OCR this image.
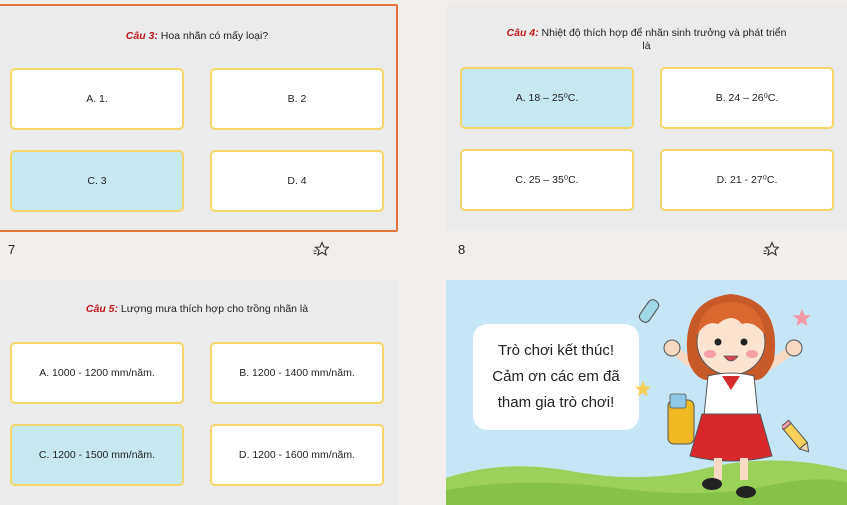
Câu 3: Hoa nhãn có mấy loại?
A. 1.	B. 2
C. 3	D. 4
7
Câu 4: Nhiệt độ thích hợp để nhãn sinh trưởng và phát triển
là
A. 18 – 25⁰C.	B. 24 – 26⁰C.
C. 25 – 35⁰C.	D. 21 - 27⁰C.
8
Câu 5: Lượng mưa thích hợp cho trồng nhãn là
A. 1000 - 1200 mm/năm.	B. 1200 - 1400 mm/năm.
C. 1200 - 1500 mm/năm.	D. 1200 - 1600 mm/năm.
Trò chơi kết thúc!
Cảm ơn các em đã
tham gia trò chơi!
